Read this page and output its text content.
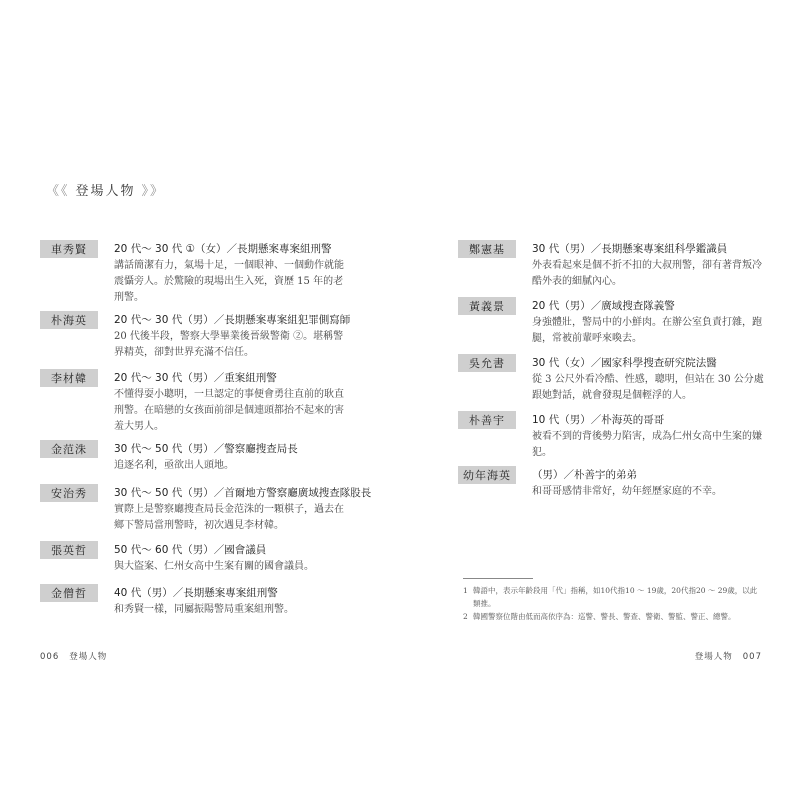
《《 登場人物 》》
車秀賢	20 代～ 30 代 ①（女）／長期懸案專案組刑警
講話簡潔有力，氣場十足，一個眼神、一個動作就能震懾旁人。於驚險的現場出生入死，資歷 15 年的老刑警。
朴海英	20 代～ 30 代（男）／長期懸案專案組犯罪側寫師
20 代後半段，警察大學畢業後晉級警衛 ②。堪稱警界精英，卻對世界充滿不信任。
李材韓	20 代～ 30 代（男）／重案組刑警
不懂得耍小聰明，一旦認定的事便會勇往直前的耿直刑警。在暗戀的女孩面前卻是個連頭都抬不起來的害羞大男人。
金范洙	30 代～ 50 代（男）／警察廳搜查局長
追逐名利，亟欲出人頭地。
安治秀	30 代～ 50 代（男）／首爾地方警察廳廣域搜查隊股長
實際上是警察廳搜查局長金范洙的一顆棋子，過去在鄉下警局當刑警時，初次遇見李材韓。
張英哲	50 代～ 60 代（男）／國會議員
與大盜案、仁州女高中生案有關的國會議員。
金僧哲	40 代（男）／長期懸案專案組刑警
和秀賢一樣，同屬振陽警局重案組刑警。
鄭憲基	30 代（男）／長期懸案專案組科學鑑識員
外表看起來是個不折不扣的大叔刑警，卻有著背叛冷酷外表的細膩內心。
黃義景	20 代（男）／廣域搜查隊義警
身強體壯，警局中的小鮮肉。在辦公室負責打雜，跑腿，常被前輩呼來喚去。
吳允書	30 代（女）／國家科學搜查研究院法醫
從 3 公尺外看冷酷、性感，聰明，但站在 30 公分處跟她對話，就會發現是個輕浮的人。
朴善宇	10 代（男）／朴海英的哥哥
被看不到的背後勢力陷害，成為仁州女高中生案的嫌犯。
幼年海英	（男）／朴善宇的弟弟
和哥哥感情非常好，幼年經歷家庭的不幸。
1 韓語中，表示年齡段用「代」指稱，如10代指10 ～ 19歲，20代指20 ～ 29歲，以此類推。
2 韓國警察位階由低而高依序為：巡警、警長、警查、警衛、警監、警正、總警。
006 登場人物	登場人物 007
